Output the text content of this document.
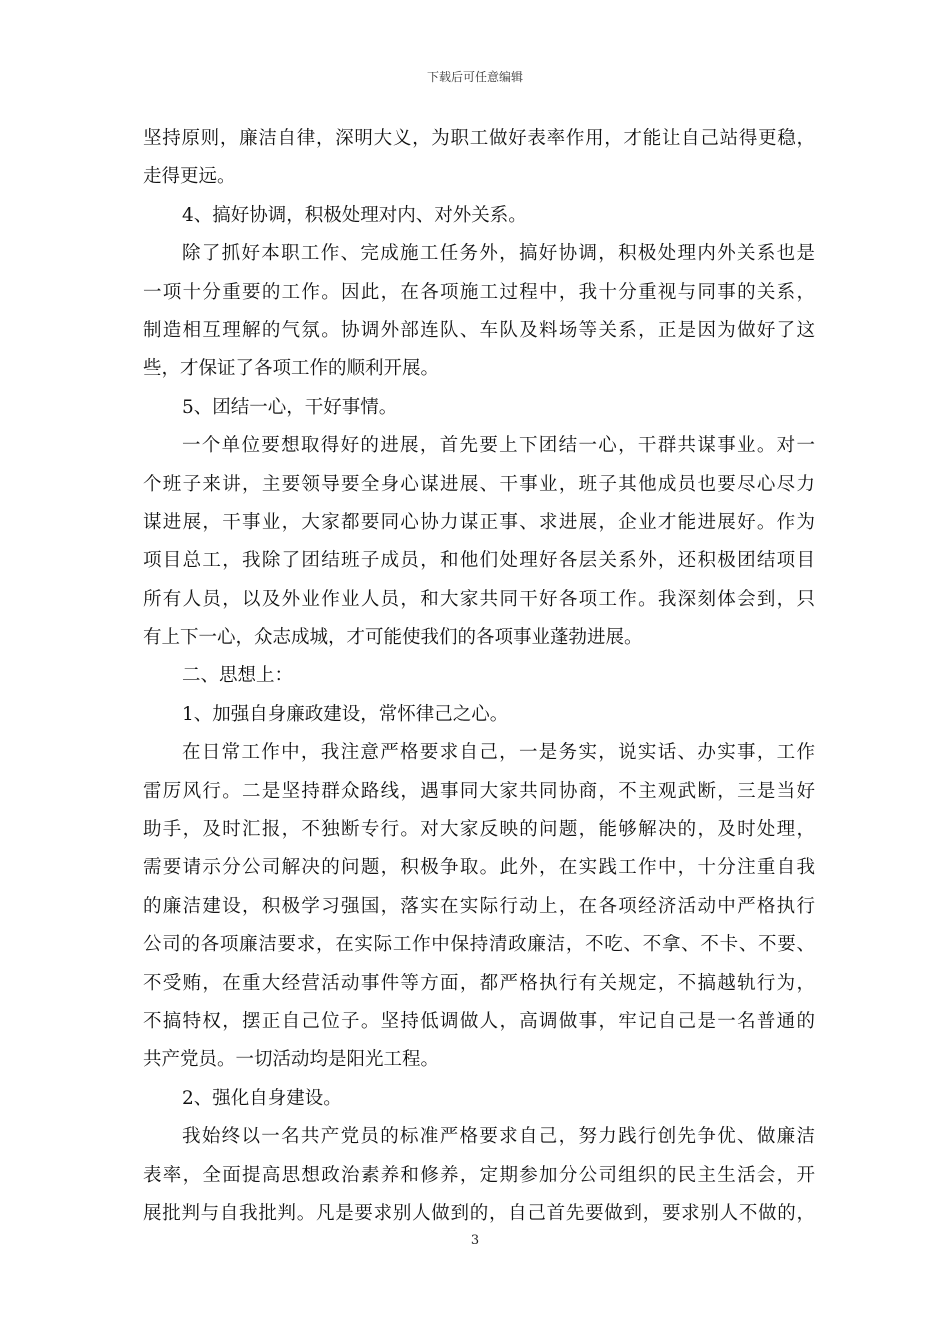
下载后可任意编辑
坚持原则，廉洁自律，深明大义，为职工做好表率作用，才能让自己站得更稳，
走得更远。
4、搞好协调，积极处理对内、对外关系。
除了抓好本职工作、完成施工任务外，搞好协调，积极处理内外关系也是
一项十分重要的工作。因此，在各项施工过程中，我十分重视与同事的关系，
制造相互理解的气氛。协调外部连队、车队及料场等关系，正是因为做好了这
些，才保证了各项工作的顺利开展。
5、团结一心，干好事情。
一个单位要想取得好的进展，首先要上下团结一心，干群共谋事业。对一
个班子来讲，主要领导要全身心谋进展、干事业，班子其他成员也要尽心尽力
谋进展，干事业，大家都要同心协力谋正事、求进展，企业才能进展好。作为
项目总工，我除了团结班子成员，和他们处理好各层关系外，还积极团结项目
所有人员，以及外业作业人员，和大家共同干好各项工作。我深刻体会到，只
有上下一心，众志成城，才可能使我们的各项事业蓬勃进展。
二、思想上：
1、加强自身廉政建设，常怀律己之心。
在日常工作中，我注意严格要求自己，一是务实，说实话、办实事，工作
雷厉风行。二是坚持群众路线，遇事同大家共同协商，不主观武断，三是当好
助手，及时汇报，不独断专行。对大家反映的问题，能够解决的，及时处理，
需要请示分公司解决的问题，积极争取。此外，在实践工作中，十分注重自我
的廉洁建设，积极学习强国，落实在实际行动上，在各项经济活动中严格执行
公司的各项廉洁要求，在实际工作中保持清政廉洁，不吃、不拿、不卡、不要、
不受贿，在重大经营活动事件等方面，都严格执行有关规定，不搞越轨行为，
不搞特权，摆正自己位子。坚持低调做人，高调做事，牢记自己是一名普通的
共产党员。一切活动均是阳光工程。
2、强化自身建设。
我始终以一名共产党员的标准严格要求自己，努力践行创先争优、做廉洁
表率，全面提高思想政治素养和修养，定期参加分公司组织的民主生活会，开
展批判与自我批判。凡是要求别人做到的，自己首先要做到，要求别人不做的，
3
